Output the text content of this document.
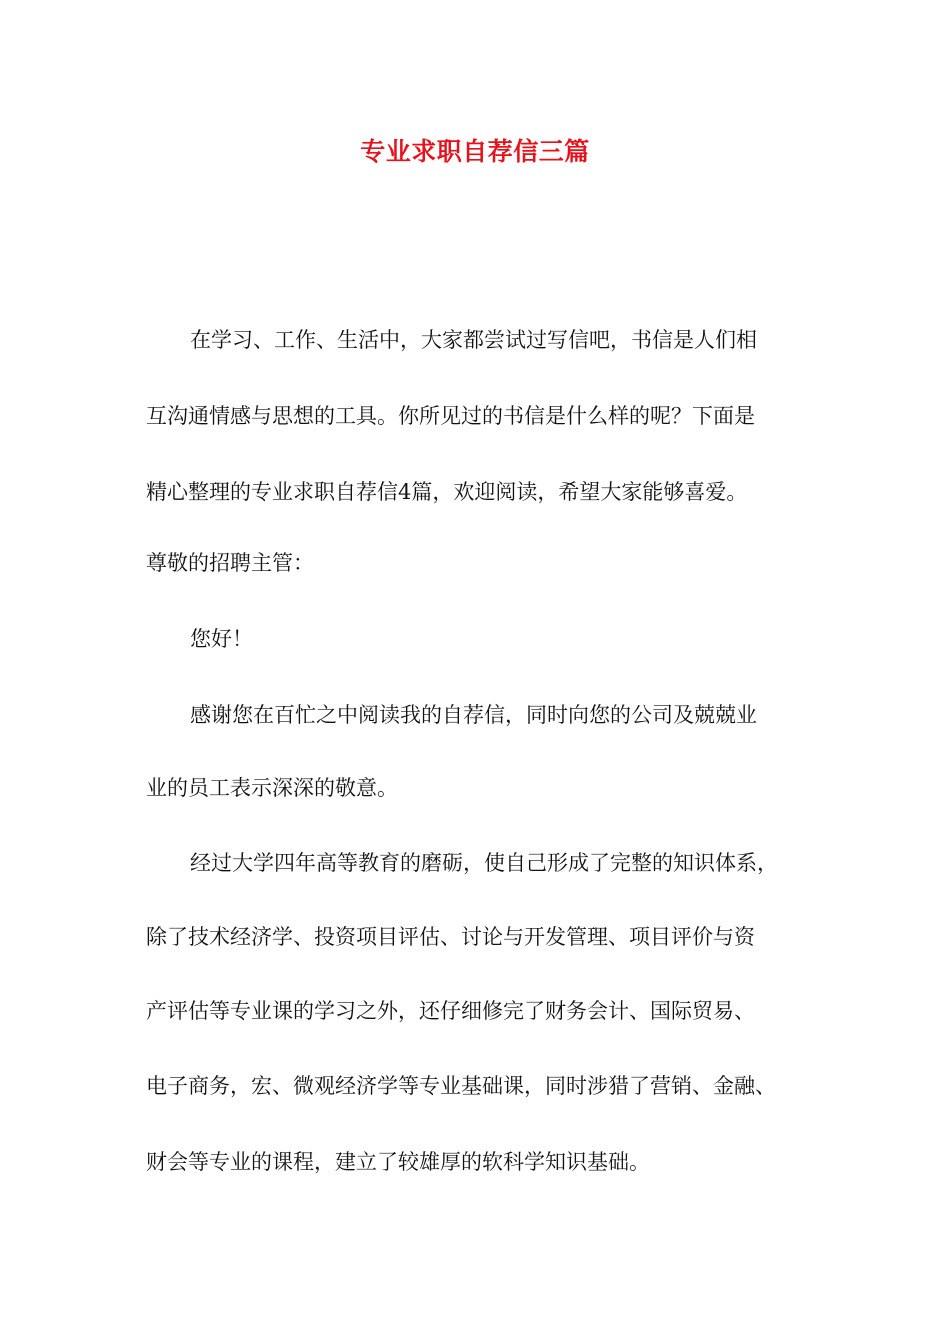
专业求职自荐信三篇
在学习、工作、生活中，大家都尝试过写信吧，书信是人们相
互沟通情感与思想的工具。你所见过的书信是什么样的呢？下面是
精心整理的专业求职自荐信4篇，欢迎阅读，希望大家能够喜爱。
尊敬的招聘主管：
您好！
感谢您在百忙之中阅读我的自荐信，同时向您的公司及兢兢业
业的员工表示深深的敬意。
经过大学四年高等教育的磨砺，使自己形成了完整的知识体系，
除了技术经济学、投资项目评估、讨论与开发管理、项目评价与资
产评估等专业课的学习之外，还仔细修完了财务会计、国际贸易、
电子商务，宏、微观经济学等专业基础课，同时涉猎了营销、金融、
财会等专业的课程，建立了较雄厚的软科学知识基础。
